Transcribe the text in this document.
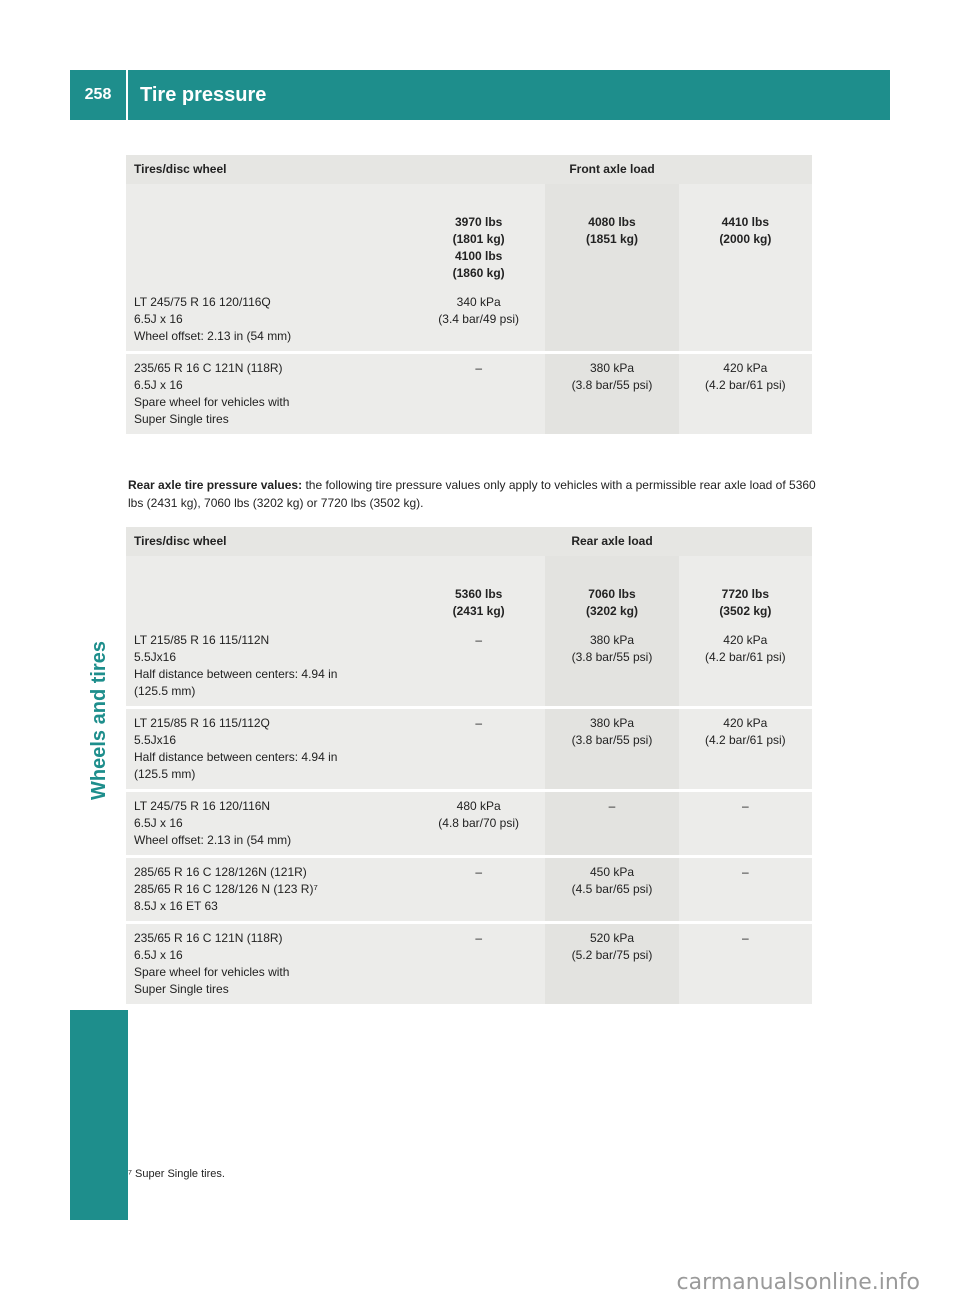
258	Tire pressure
Wheels and tires
Tires/disc wheel	Front axle load		

	3970 lbs
(1801 kg)
4100 lbs
(1860 kg)	4080 lbs
(1851 kg)	4410 lbs
(2000 kg)

LT 245/75 R 16 120/116Q
6.5J x 16
Wheel offset: 2.13 in (54 mm)	340 kPa
(3.4 bar/49 psi)		

235/65 R 16 C 121N (118R)
6.5J x 16
Spare wheel for vehicles with
Super Single tires	–	380 kPa
(3.8 bar/55 psi)	420 kPa
(4.2 bar/61 psi)
Rear axle tire pressure values: the following tire pressure values only apply to vehicles with a permissible rear axle load of 5360 lbs (2431 kg), 7060 lbs (3202 kg) or 7720 lbs (3502 kg).
Tires/disc wheel	Rear axle load		

	5360 lbs
(2431 kg)	7060 lbs
(3202 kg)	7720 lbs
(3502 kg)

LT 215/85 R 16 115/112N
5.5Jx16
Half distance between centers: 4.94 in
(125.5 mm)	–	380 kPa
(3.8 bar/55 psi)	420 kPa
(4.2 bar/61 psi)

LT 215/85 R 16 115/112Q
5.5Jx16
Half distance between centers: 4.94 in
(125.5 mm)	–	380 kPa
(3.8 bar/55 psi)	420 kPa
(4.2 bar/61 psi)

LT 245/75 R 16 120/116N
6.5J x 16
Wheel offset: 2.13 in (54 mm)	480 kPa
(4.8 bar/70 psi)	–	–

285/65 R 16 C 128/126N (121R)
285/65 R 16 C 128/126 N (123 R)⁷
8.5J x 16 ET 63	–	450 kPa
(4.5 bar/65 psi)	–

235/65 R 16 C 121N (118R)
6.5J x 16
Spare wheel for vehicles with
Super Single tires	–	520 kPa
(5.2 bar/75 psi)	–
⁷ Super Single tires.
carmanualsonline.info
